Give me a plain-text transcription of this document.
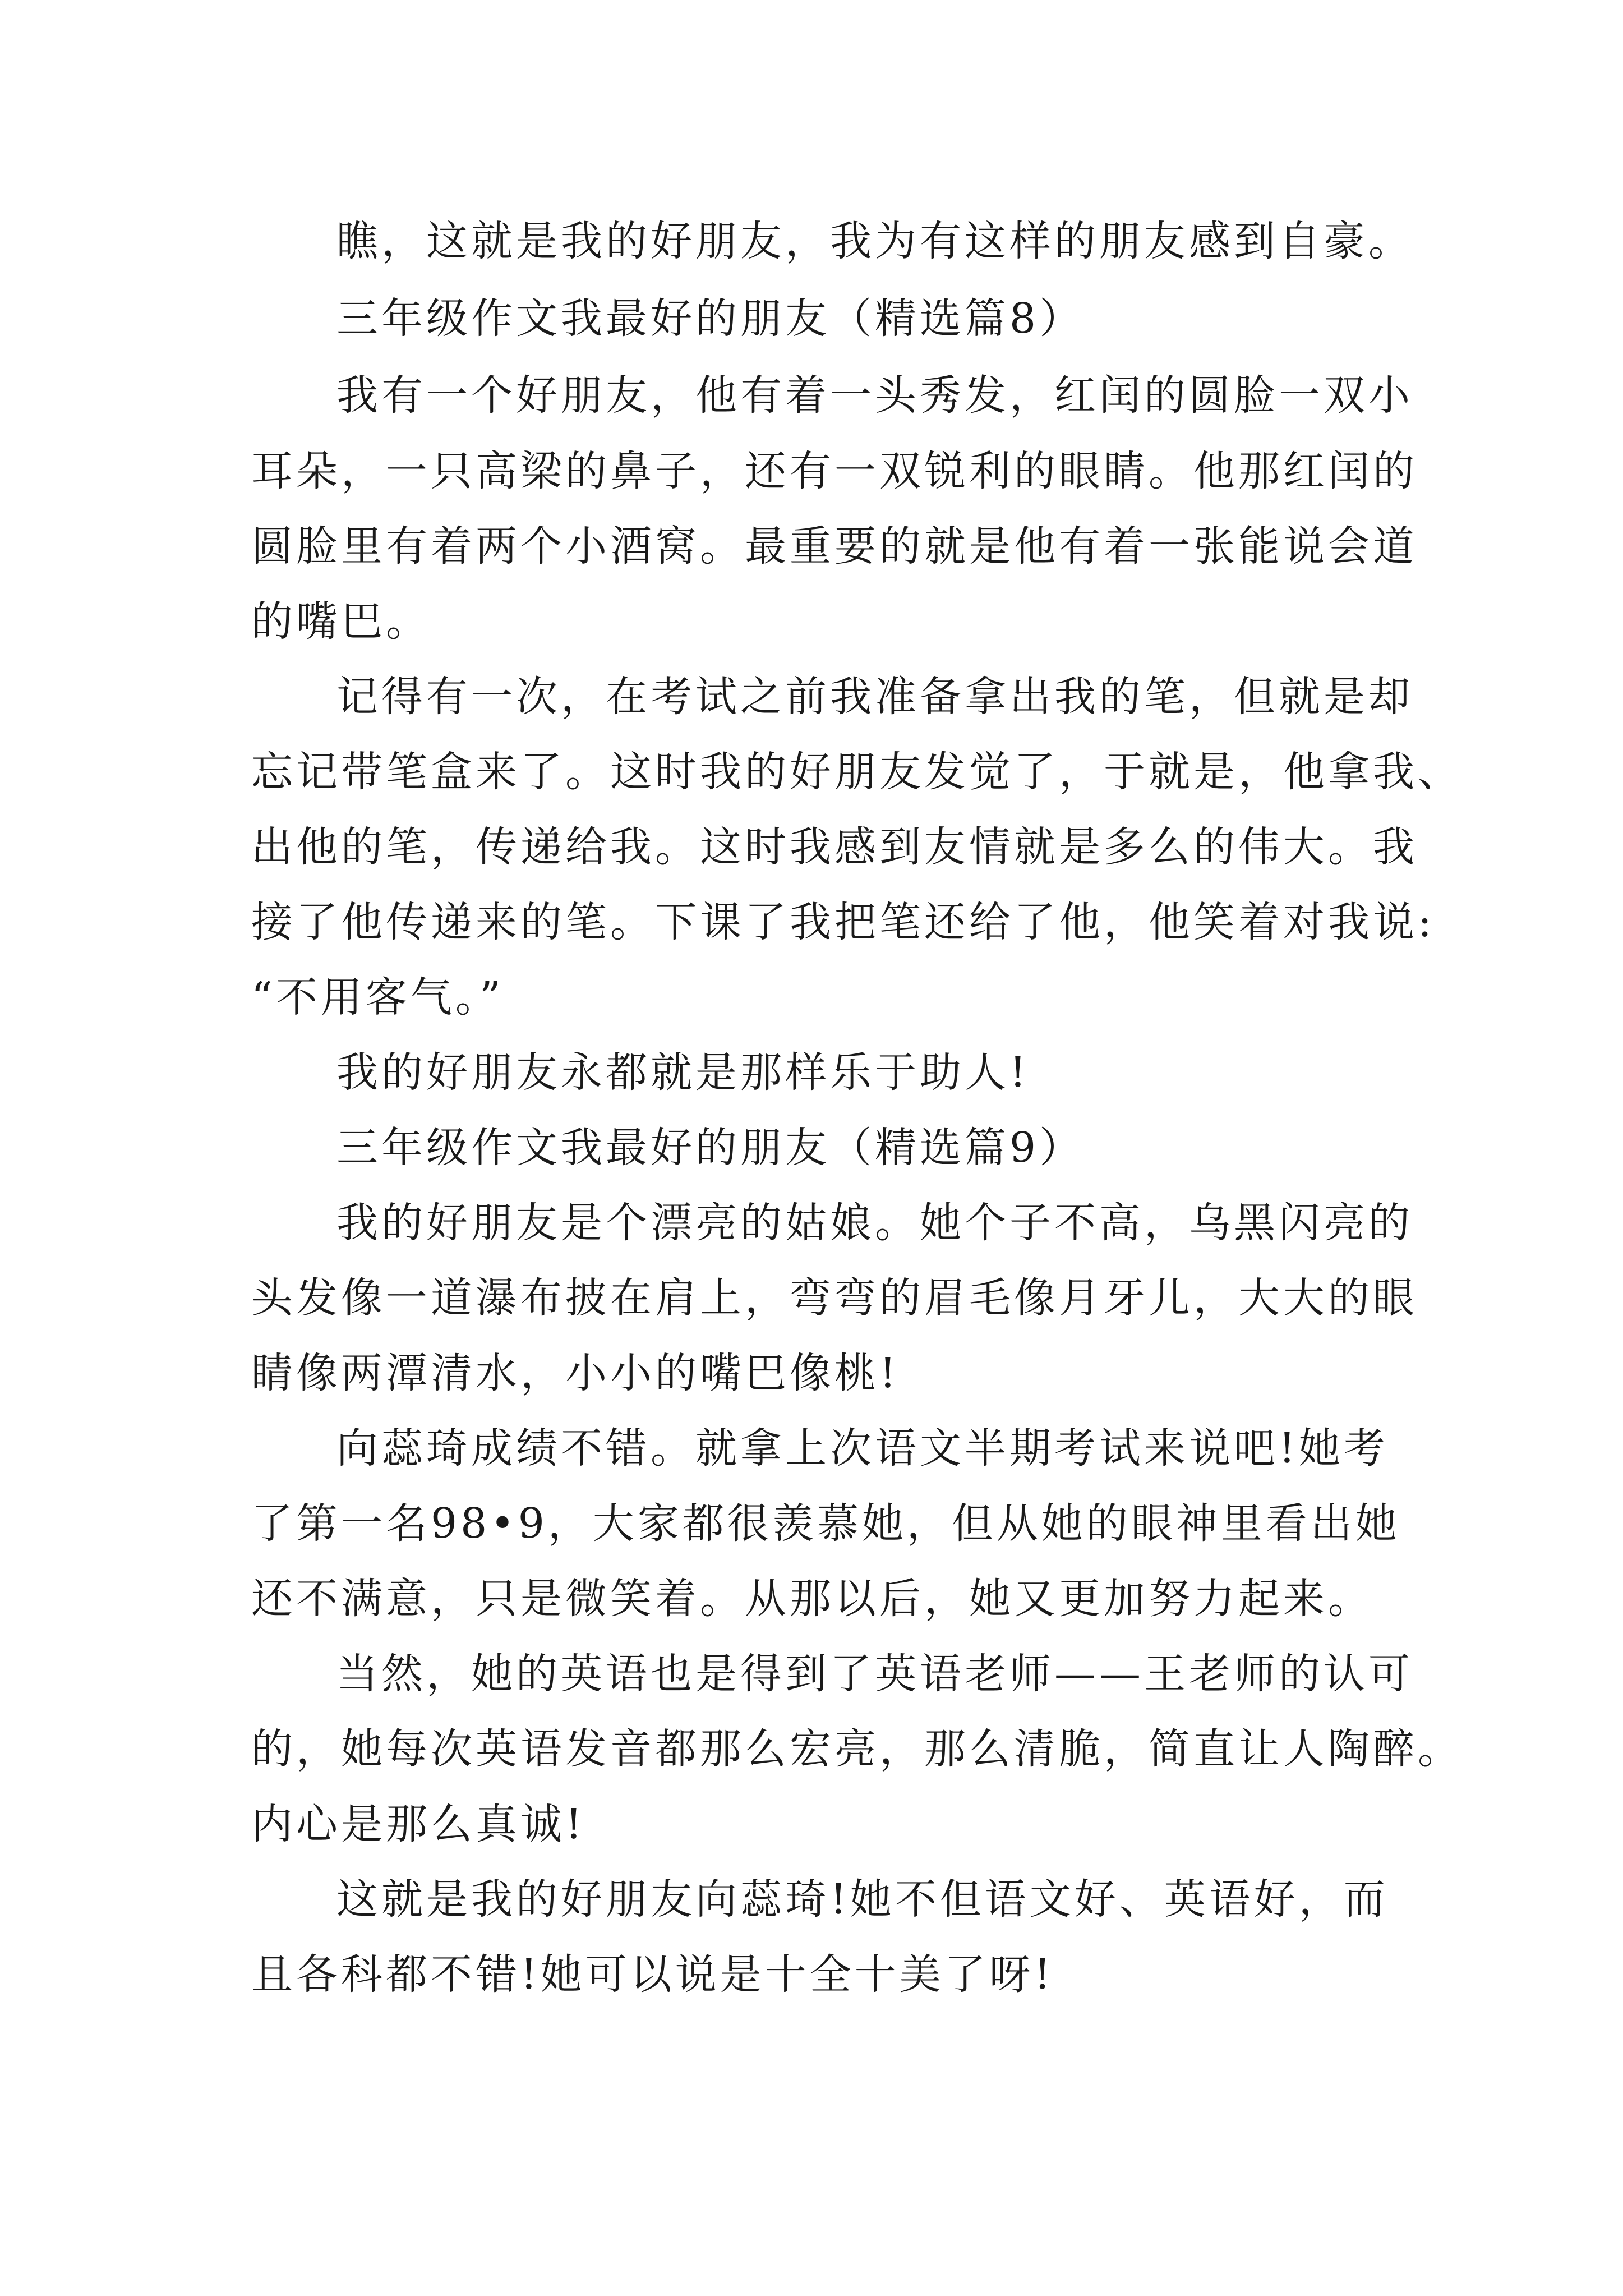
瞧，这就是我的好朋友，我为有这样的朋友感到自豪。
三年级作文我最好的朋友（精选篇8）
我有一个好朋友，他有着一头秀发，红闰的圆脸一双小
耳朵，一只高梁的鼻子，还有一双锐利的眼睛。他那红闰的
圆脸里有着两个小酒窝。最重要的就是他有着一张能说会道
的嘴巴。
记得有一次，在考试之前我准备拿出我的笔，但就是却
忘记带笔盒来了。这时我的好朋友发觉了，于就是，他拿我、
出他的笔，传递给我。这时我感到友情就是多么的伟大。我
接了他传递来的笔。下课了我把笔还给了他，他笑着对我说:
“不用客气。”
我的好朋友永都就是那样乐于助人!
三年级作文我最好的朋友（精选篇9）
我的好朋友是个漂亮的姑娘。她个子不高，乌黑闪亮的
头发像一道瀑布披在肩上，弯弯的眉毛像月牙儿，大大的眼
睛像两潭清水，小小的嘴巴像桃!
向蕊琦成绩不错。就拿上次语文半期考试来说吧!她考
了第一名98•9，大家都很羡慕她，但从她的眼神里看出她
还不满意，只是微笑着。从那以后，她又更加努力起来。
当然，她的英语也是得到了英语老师——王老师的认可
的，她每次英语发音都那么宏亮，那么清脆，简直让人陶醉。
内心是那么真诚!
这就是我的好朋友向蕊琦!她不但语文好、英语好，而
且各科都不错!她可以说是十全十美了呀!
